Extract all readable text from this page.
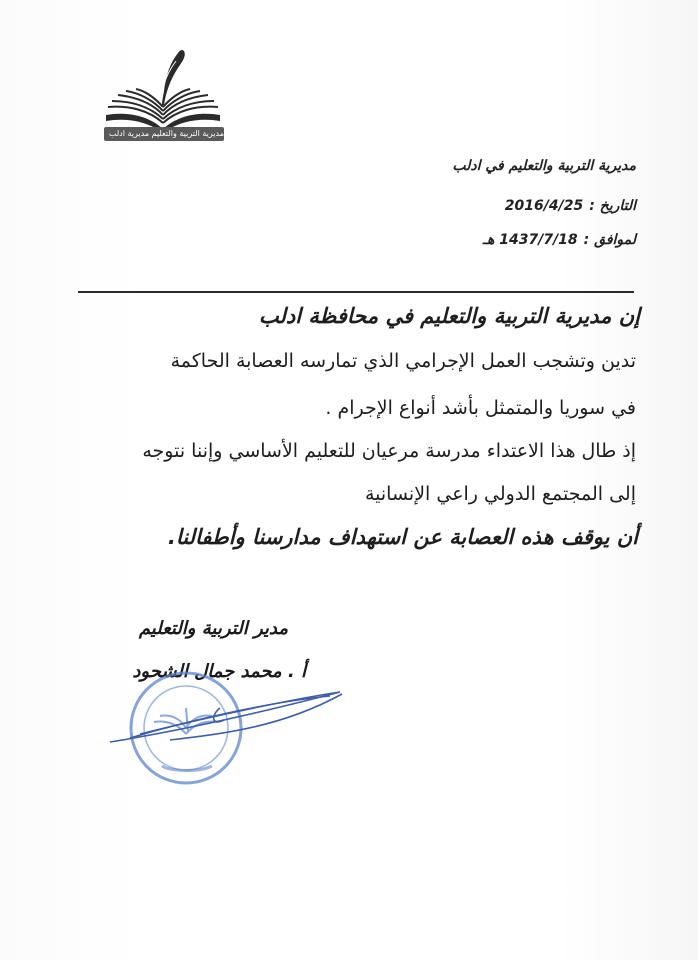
مديرية التربية والتعليم مديرية ادلب
مديرية التربية والتعليم في ادلب
التاريخ :2016/4/25
لموافق :1437/7/18 هـ
إن مديرية التربية والتعليم في محافظة ادلب
تدين وتشجب العمل الإجرامي الذي تمارسه العصابة الحاكمة
في سوريا والمتمثل بأشد أنواع الإجرام .
إذ طال هذا الاعتداء مدرسة مرعيان للتعليم الأساسي وإننا نتوجه
إلى المجتمع الدولي راعي الإنسانية
أن يوقف هذه العصابة عن استهداف مدارسنا وأطفالنا.
مدير التربية والتعليم
أ . محمد جمال الشحود
